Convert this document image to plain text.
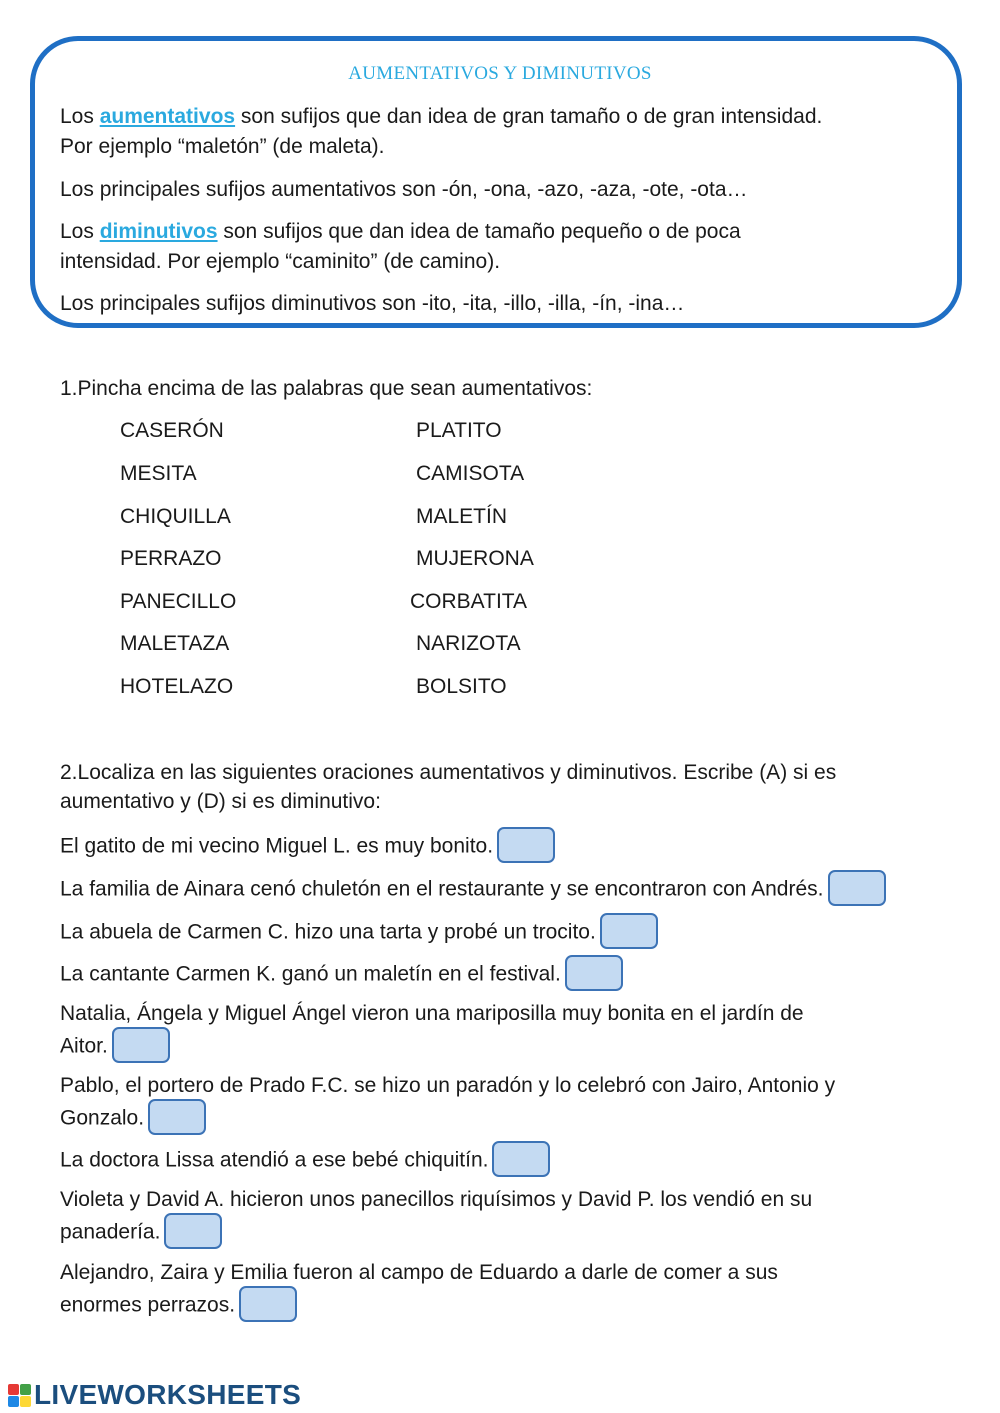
AUMENTATIVOS Y DIMINUTIVOS
Los aumentativos son sufijos que dan idea de gran tamaño o de gran intensidad.
Por ejemplo “maletón” (de maleta).
Los principales sufijos aumentativos son -ón, -ona, -azo, -aza, -ote, -ota…
Los diminutivos son sufijos que dan idea de tamaño pequeño o de poca
intensidad. Por ejemplo “caminito” (de camino).
Los principales sufijos diminutivos son -ito, -ita, -illo, -illa, -ín, -ina…
1.Pincha encima de las palabras que sean aumentativos:
CASERÓN
MESITA
CHIQUILLA
PERRAZO
PANECILLO
MALETAZA
HOTELAZO
PLATITO
CAMISOTA
MALETÍN
MUJERONA
CORBATITA
NARIZOTA
BOLSITO
2.Localiza en las siguientes oraciones aumentativos y diminutivos. Escribe (A) si es
aumentativo y (D) si es diminutivo:
El gatito de mi vecino Miguel L. es muy bonito.
La familia de Ainara cenó chuletón en el restaurante y se encontraron con Andrés.
La abuela de Carmen C. hizo una tarta y probé un trocito.
La cantante Carmen K. ganó un maletín en el festival.
Natalia, Ángela y Miguel Ángel vieron una mariposilla muy bonita en el jardín de
Aitor.
Pablo, el portero de Prado F.C. se hizo un paradón y lo celebró con Jairo, Antonio y
Gonzalo.
La doctora Lissa atendió a ese bebé chiquitín.
Violeta y David A. hicieron unos panecillos riquísimos y David P. los vendió en su
panadería.
Alejandro, Zaira y Emilia fueron al campo de Eduardo a darle de comer a sus
enormes perrazos.
LIVEWORKSHEETS
